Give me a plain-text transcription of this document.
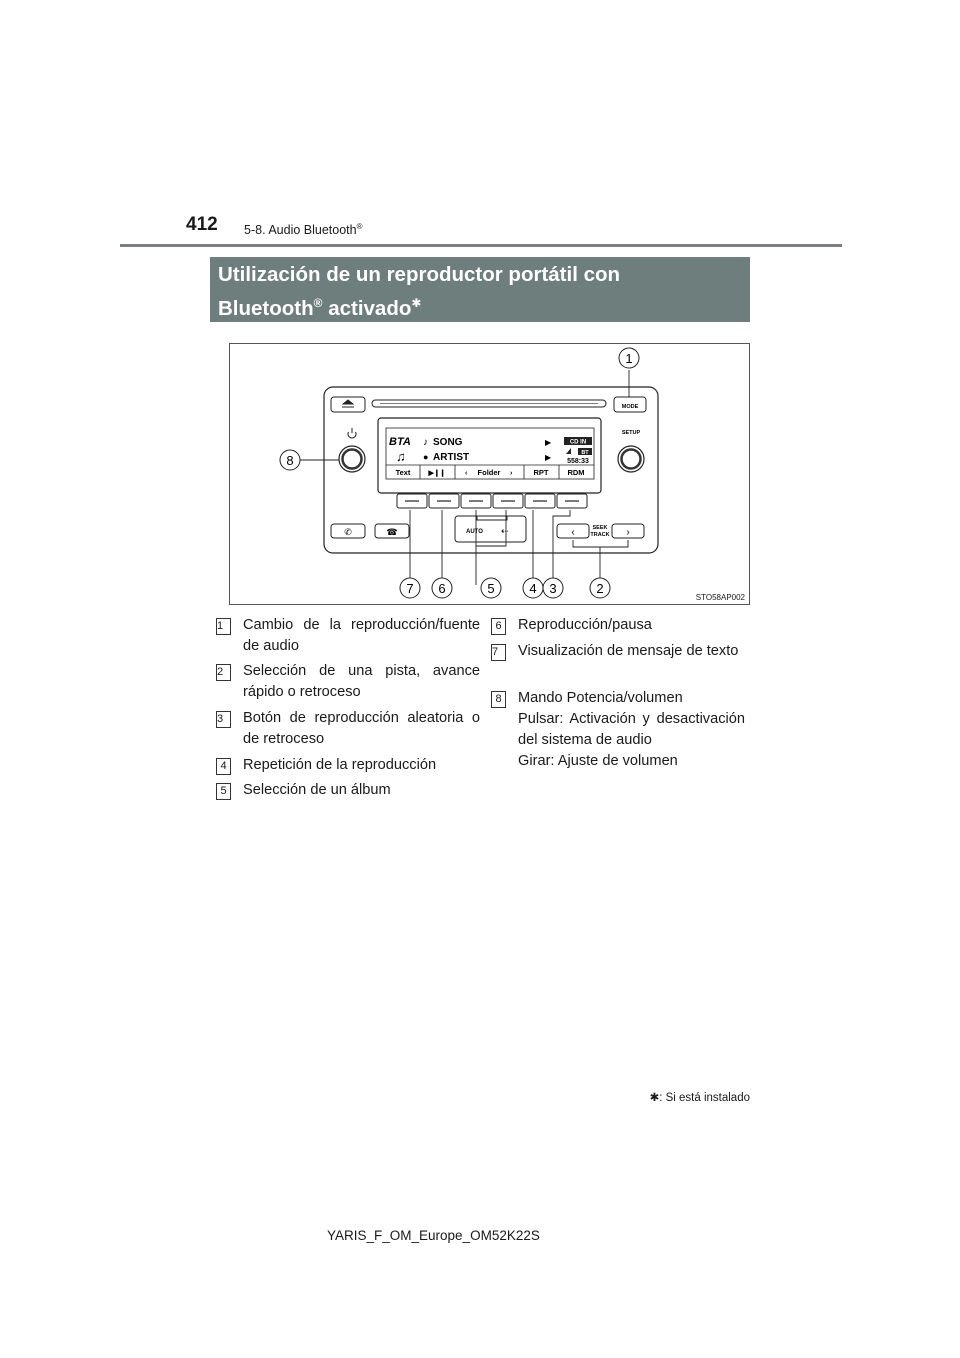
412 5-8. Audio Bluetooth®
Utilización de un reproductor portátil con
Bluetooth® activado✱
MODE
SETUP
BTA ♪ SONG	▶
♫ ● ARTIST	▶
CD IN
BT
558:33
Text	▶❙❙	‹ Folder ›	RPT	RDM
✆	☎	AUTO ⇠	‹	›
SEEK
TRACK
1
2
3
4
5
6
7
8
STO58AP002
1	Cambio de la reproducción/fuente de audio
2	Selección de una pista, avance rápido o retroceso
3	Botón de reproducción aleatoria o de retroceso
4	Repetición de la reproducción
5	Selección de un álbum
6	Reproducción/pausa
7	Visualización de mensaje de texto
8	Mando Potencia/volumen
Pulsar: Activación y desactivación del sistema de audio
Girar: Ajuste de volumen
✱: Si está instalado
YARIS_F_OM_Europe_OM52K22S
